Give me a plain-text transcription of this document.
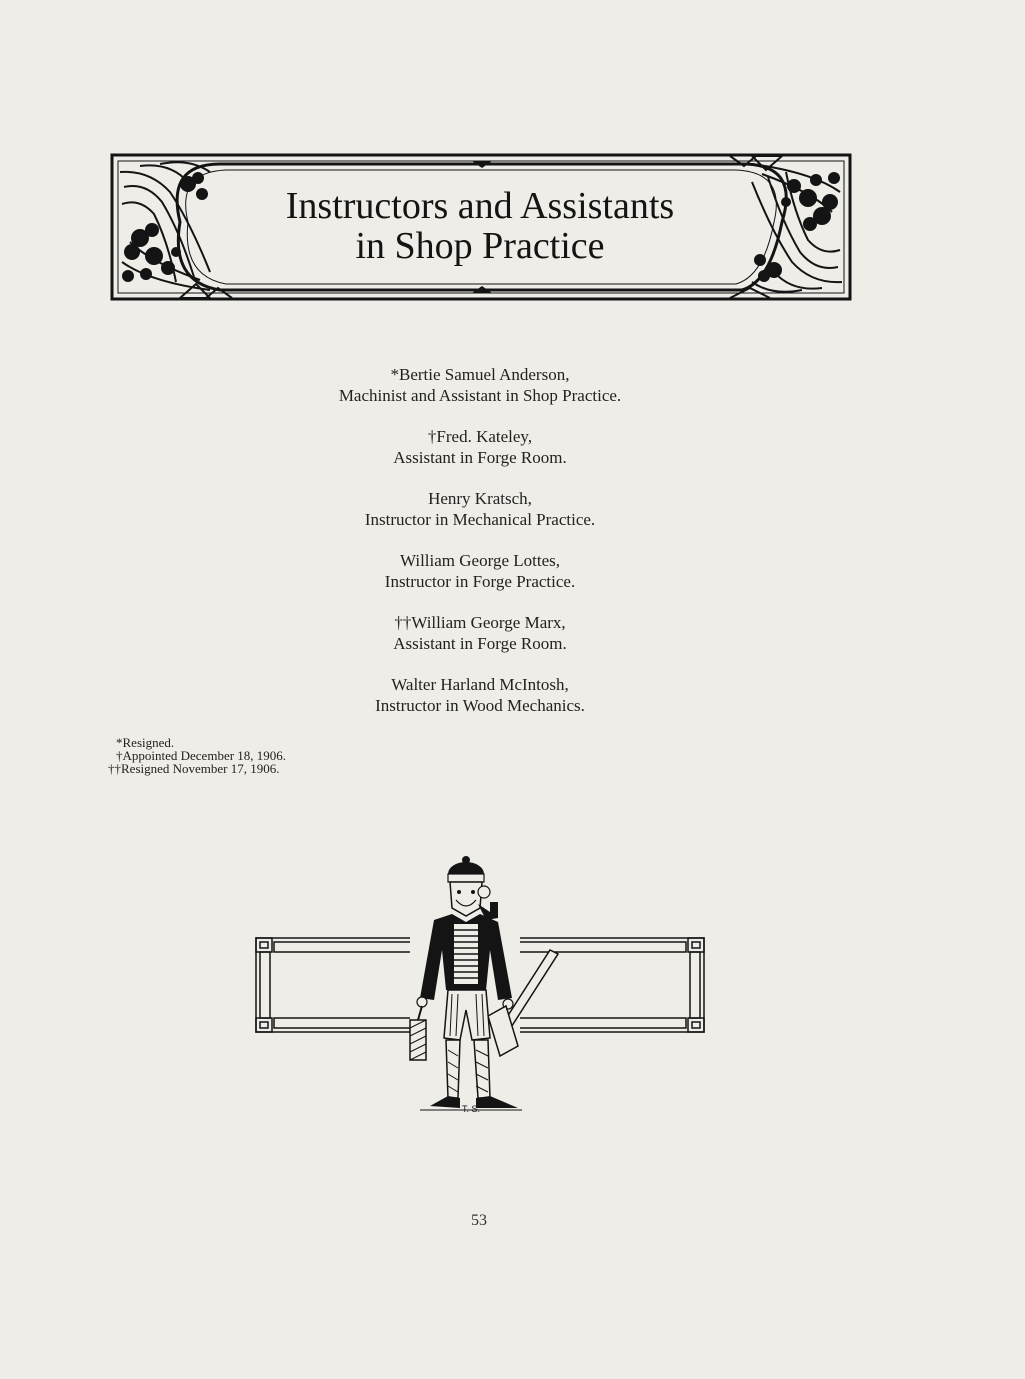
Instructors and Assistants
in Shop Practice
*Bertie Samuel Anderson,
Machinist and Assistant in Shop Practice.
†Fred. Kateley,
Assistant in Forge Room.
Henry Kratsch,
Instructor in Mechanical Practice.
William George Lottes,
Instructor in Forge Practice.
††William George Marx,
Assistant in Forge Room.
Walter Harland McIntosh,
Instructor in Wood Mechanics.
*Resigned.
†Appointed December 18, 1906.
††Resigned November 17, 1906.
T. S.
53
